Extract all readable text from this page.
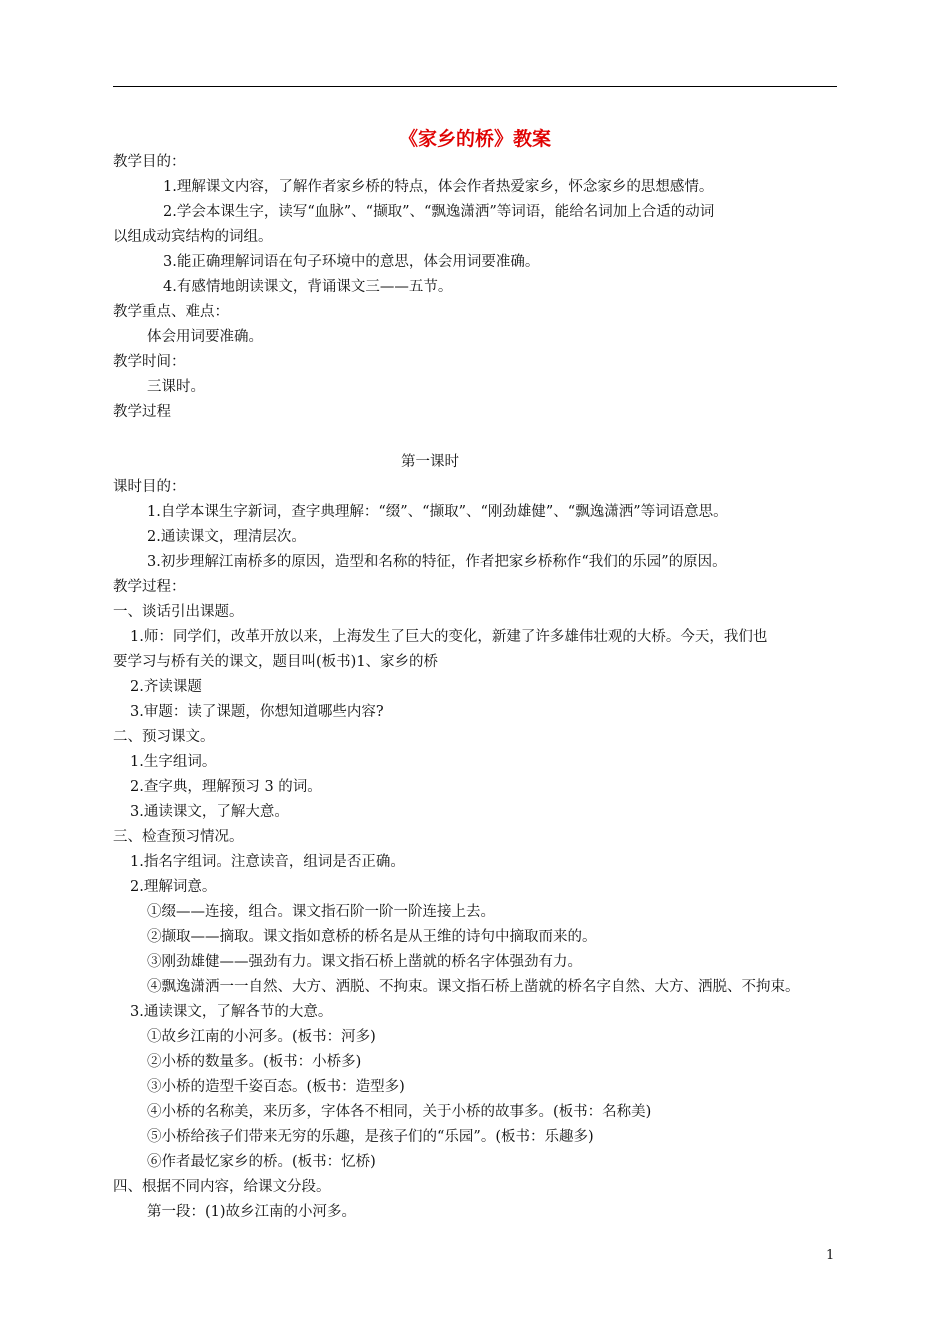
《家乡的桥》教案
教学目的：
1.理解课文内容，了解作者家乡桥的特点，体会作者热爱家乡，怀念家乡的思想感情。
2.学会本课生字，读写“血脉”、“撷取”、“飘逸潇洒”等词语，能给名词加上合适的动词
以组成动宾结构的词组。
3.能正确理解词语在句子环境中的意思，体会用词要准确。
4.有感情地朗读课文，背诵课文三——五节。
教学重点、难点：
体会用词要准确。
教学时间：
三课时。
教学过程
第一课时
课时目的：
1.自学本课生字新词，查字典理解：“缀”、“撷取”、“刚劲雄健”、“飘逸潇洒”等词语意思。
2.通读课文，理清层次。
3.初步理解江南桥多的原因，造型和名称的特征，作者把家乡桥称作“我们的乐园”的原因。
教学过程：
一、谈话引出课题。
1.师：同学们，改革开放以来，上海发生了巨大的变化，新建了许多雄伟壮观的大桥。今天，我们也
要学习与桥有关的课文，题目叫(板书)1、家乡的桥
2.齐读课题
3.审题：读了课题，你想知道哪些内容?
二、预习课文。
1.生字组词。
2.查字典，理解预习 3 的词。
3.通读课文，了解大意。
三、检查预习情况。
1.指名字组词。注意读音，组词是否正确。
2.理解词意。
①缀——连接，组合。课文指石阶一阶一阶连接上去。
②撷取——摘取。课文指如意桥的桥名是从王维的诗句中摘取而来的。
③刚劲雄健——强劲有力。课文指石桥上凿就的桥名字体强劲有力。
④飘逸潇洒一一自然、大方、洒脱、不拘束。课文指石桥上凿就的桥名字自然、大方、洒脱、不拘束。
3.通读课文，了解各节的大意。
①故乡江南的小河多。(板书：河多)
②小桥的数量多。(板书：小桥多)
③小桥的造型千姿百态。(板书：造型多)
④小桥的名称美，来历多，字体各不相同，关于小桥的故事多。(板书：名称美)
⑤小桥给孩子们带来无穷的乐趣，是孩子们的“乐园”。(板书：乐趣多)
⑥作者最忆家乡的桥。(板书：忆桥)
四、根据不同内容，给课文分段。
第一段：(1)故乡江南的小河多。
1
